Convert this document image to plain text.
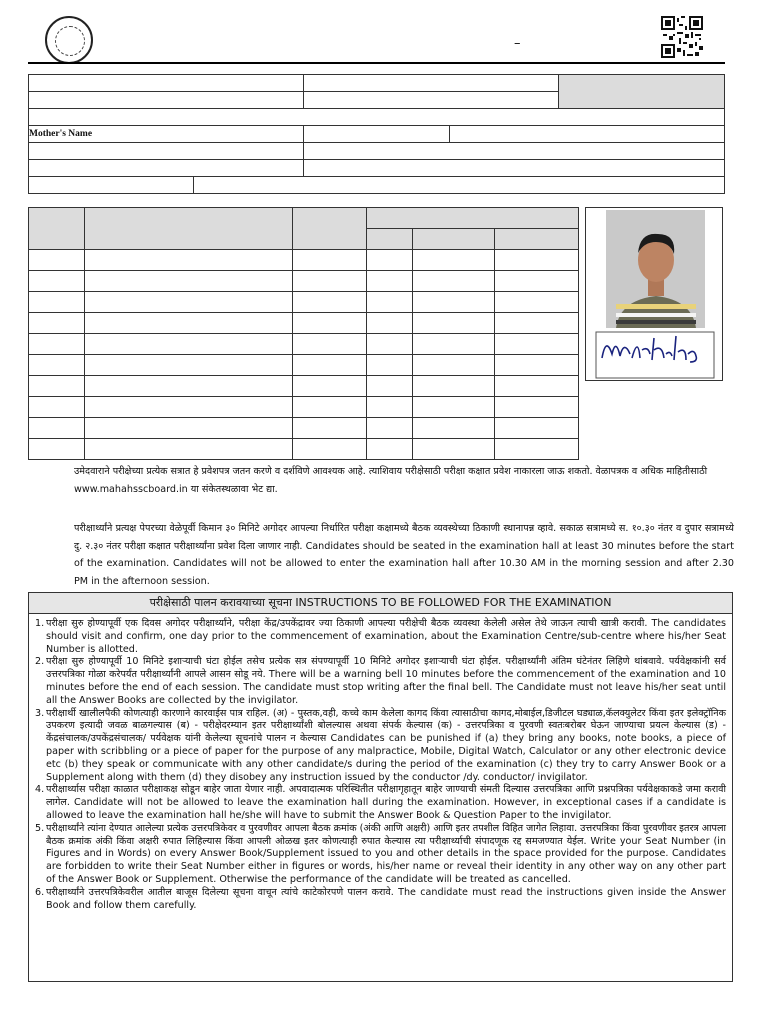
–

Mother's Name				

उमेदवाराने परीक्षेच्या प्रत्येक सत्रात हे प्रवेशपत्र जतन करणे व दर्शविणे आवश्यक आहे. त्याशिवाय परीक्षेसाठी परीक्षा कक्षात प्रवेश नाकारला जाऊ शकतो. वेळापत्रक व अधिक माहितीसाठी www.mahahsscboard.in या संकेतस्थळावा भेट द्या.
परीक्षार्थ्यांने प्रत्यक्ष पेपरच्या वेळेपूर्वी किमान ३० मिनिटे अगोदर आपल्या निर्धारित परीक्षा कक्षामध्ये बैठक व्यवस्थेच्या ठिकाणी स्थानापन्न व्हावे. सकाळ सत्रामध्ये स. १०.३० नंतर व दुपार सत्रामध्ये दु. २.३० नंतर परीक्षा कक्षात परीक्षार्थ्यांना प्रवेश दिला जाणार नाही. Candidates should be seated in the examination hall at least 30 minutes before the start of the examination. Candidates will not be allowed to enter the examination hall after 10.30 AM in the morning session and after 2.30 PM in the afternoon session.
परीक्षेसाठी पालन करावयाच्या सूचना INSTRUCTIONS TO BE FOLLOWED FOR THE EXAMINATION
1. परीक्षा सुरु होण्यापूर्वी एक दिवस अगोदर परीक्षार्थ्यांने, परीक्षा केंद्र/उपकेंद्रावर ज्या ठिकाणी आपल्या परीक्षेची बैठक व्यवस्था केलेली असेल तेथे जाऊन त्याची खात्री करावी. The candidates should visit and confirm, one day prior to the commencement of examination, about the Examination Centre/sub-centre where his/her Seat Number is allotted.
2. परीक्षा सुरु होण्यापूर्वी 10 मिनिटे इशाऱ्याची घंटा होईल तसेच प्रत्येक सत्र संपण्यापूर्वी 10 मिनिटे अगोदर इशाऱ्याची घंटा होईल. परीक्षार्थ्यांनी अंतिम घंटेनंतर लिहिणे थांबवावे. पर्यवेक्षकांनी सर्व उत्तरपत्रिका गोळा करेपर्यंत परीक्षार्थ्यांनी आपले आसन सोडू नये. There will be a warning bell 10 minutes before the commencement of the examination and 10 minutes before the end of each session. The candidate must stop writing after the final bell. The Candidate must not leave his/her seat until all the Answer Books are collected by the invigilator.
3. परीक्षार्थी खालीलपैकी कोणत्याही कारणाने कारवाईस पात्र राहिल. (अ) - पुस्तक,वही, कच्चे काम केलेला कागद किंवा त्यासाठीचा कागद,मोबाईल,डिजीटल घड्याळ,कॅलक्युलेटर किंवा इतर इलेक्ट्रॉनिक उपकरण इत्यादी जवळ बाळगल्यास (ब) - परीक्षेदरम्यान इतर परीक्षार्थ्यांशी बोलल्यास अथवा संपर्क केल्यास (क) - उत्तरपत्रिका व पुरवणी स्वतःबरोबर घेऊन जाण्याचा प्रयत्न केल्यास (ड) - केंद्रसंचालक/उपकेंद्रसंचालक/ पर्यवेक्षक यांनी केलेल्या सूचनांचे पालन न केल्यास Candidates can be punished if (a) they bring any books, note books, a piece of paper with scribbling or a piece of paper for the purpose of any malpractice, Mobile, Digital Watch, Calculator or any other electronic device etc (b) they speak or communicate with any other candidate/s during the period of the examination (c) they try to carry Answer Book or a Supplement along with them (d) they disobey any instruction issued by the conductor /dy. conductor/ invigilator.
4. परीक्षार्थ्यास परीक्षा काळात परीक्षाकक्ष सोडून बाहेर जाता येणार नाही. अपवादात्मक परिस्थितीत परीक्षागृहातून बाहेर जाण्याची संमती दिल्यास उत्तरपत्रिका आणि प्रश्नपत्रिका पर्यवेक्षकाकडे जमा करावी लागेल. Candidate will not be allowed to leave the examination hall during the examination. However, in exceptional cases if a candidate is allowed to leave the examination hall he/she will have to submit the Answer Book & Question Paper to the invigilator.
5. परीक्षार्थ्यांने त्यांना देण्यात आलेल्या प्रत्येक उत्तरपत्रिकेवर व पुरवणीवर आपला बैठक क्रमांक (अंकी आणि अक्षरी) आणि इतर तपशील विहित जागेत लिहावा. उत्तरपत्रिका किंवा पुरवणीवर इतरत्र आपला बैठक क्रमांक अंकी किंवा अक्षरी रुपात लिहिल्यास किंवा आपली ओळख इतर कोणत्याही रुपात केल्यास त्या परीक्षार्थ्याची संपादणूक रद्द समजण्यात येईल. Write your Seat Number (in Figures and in Words) on every Answer Book/Supplement issued to you and other details in the space provided for the purpose. Candidates are forbidden to write their Seat Number either in figures or words, his/her name or reveal their identity in any other way on any other part of the Answer Book or Supplement. Otherwise the performance of the candidate will be treated as cancelled.
6. परीक्षार्थ्यांने उत्तरपत्रिकेवरील आतील बाजूस दिलेल्या सूचना वाचून त्यांचे काटेकोरपणे पालन करावे. The candidate must read the instructions given inside the Answer Book and follow them carefully.
